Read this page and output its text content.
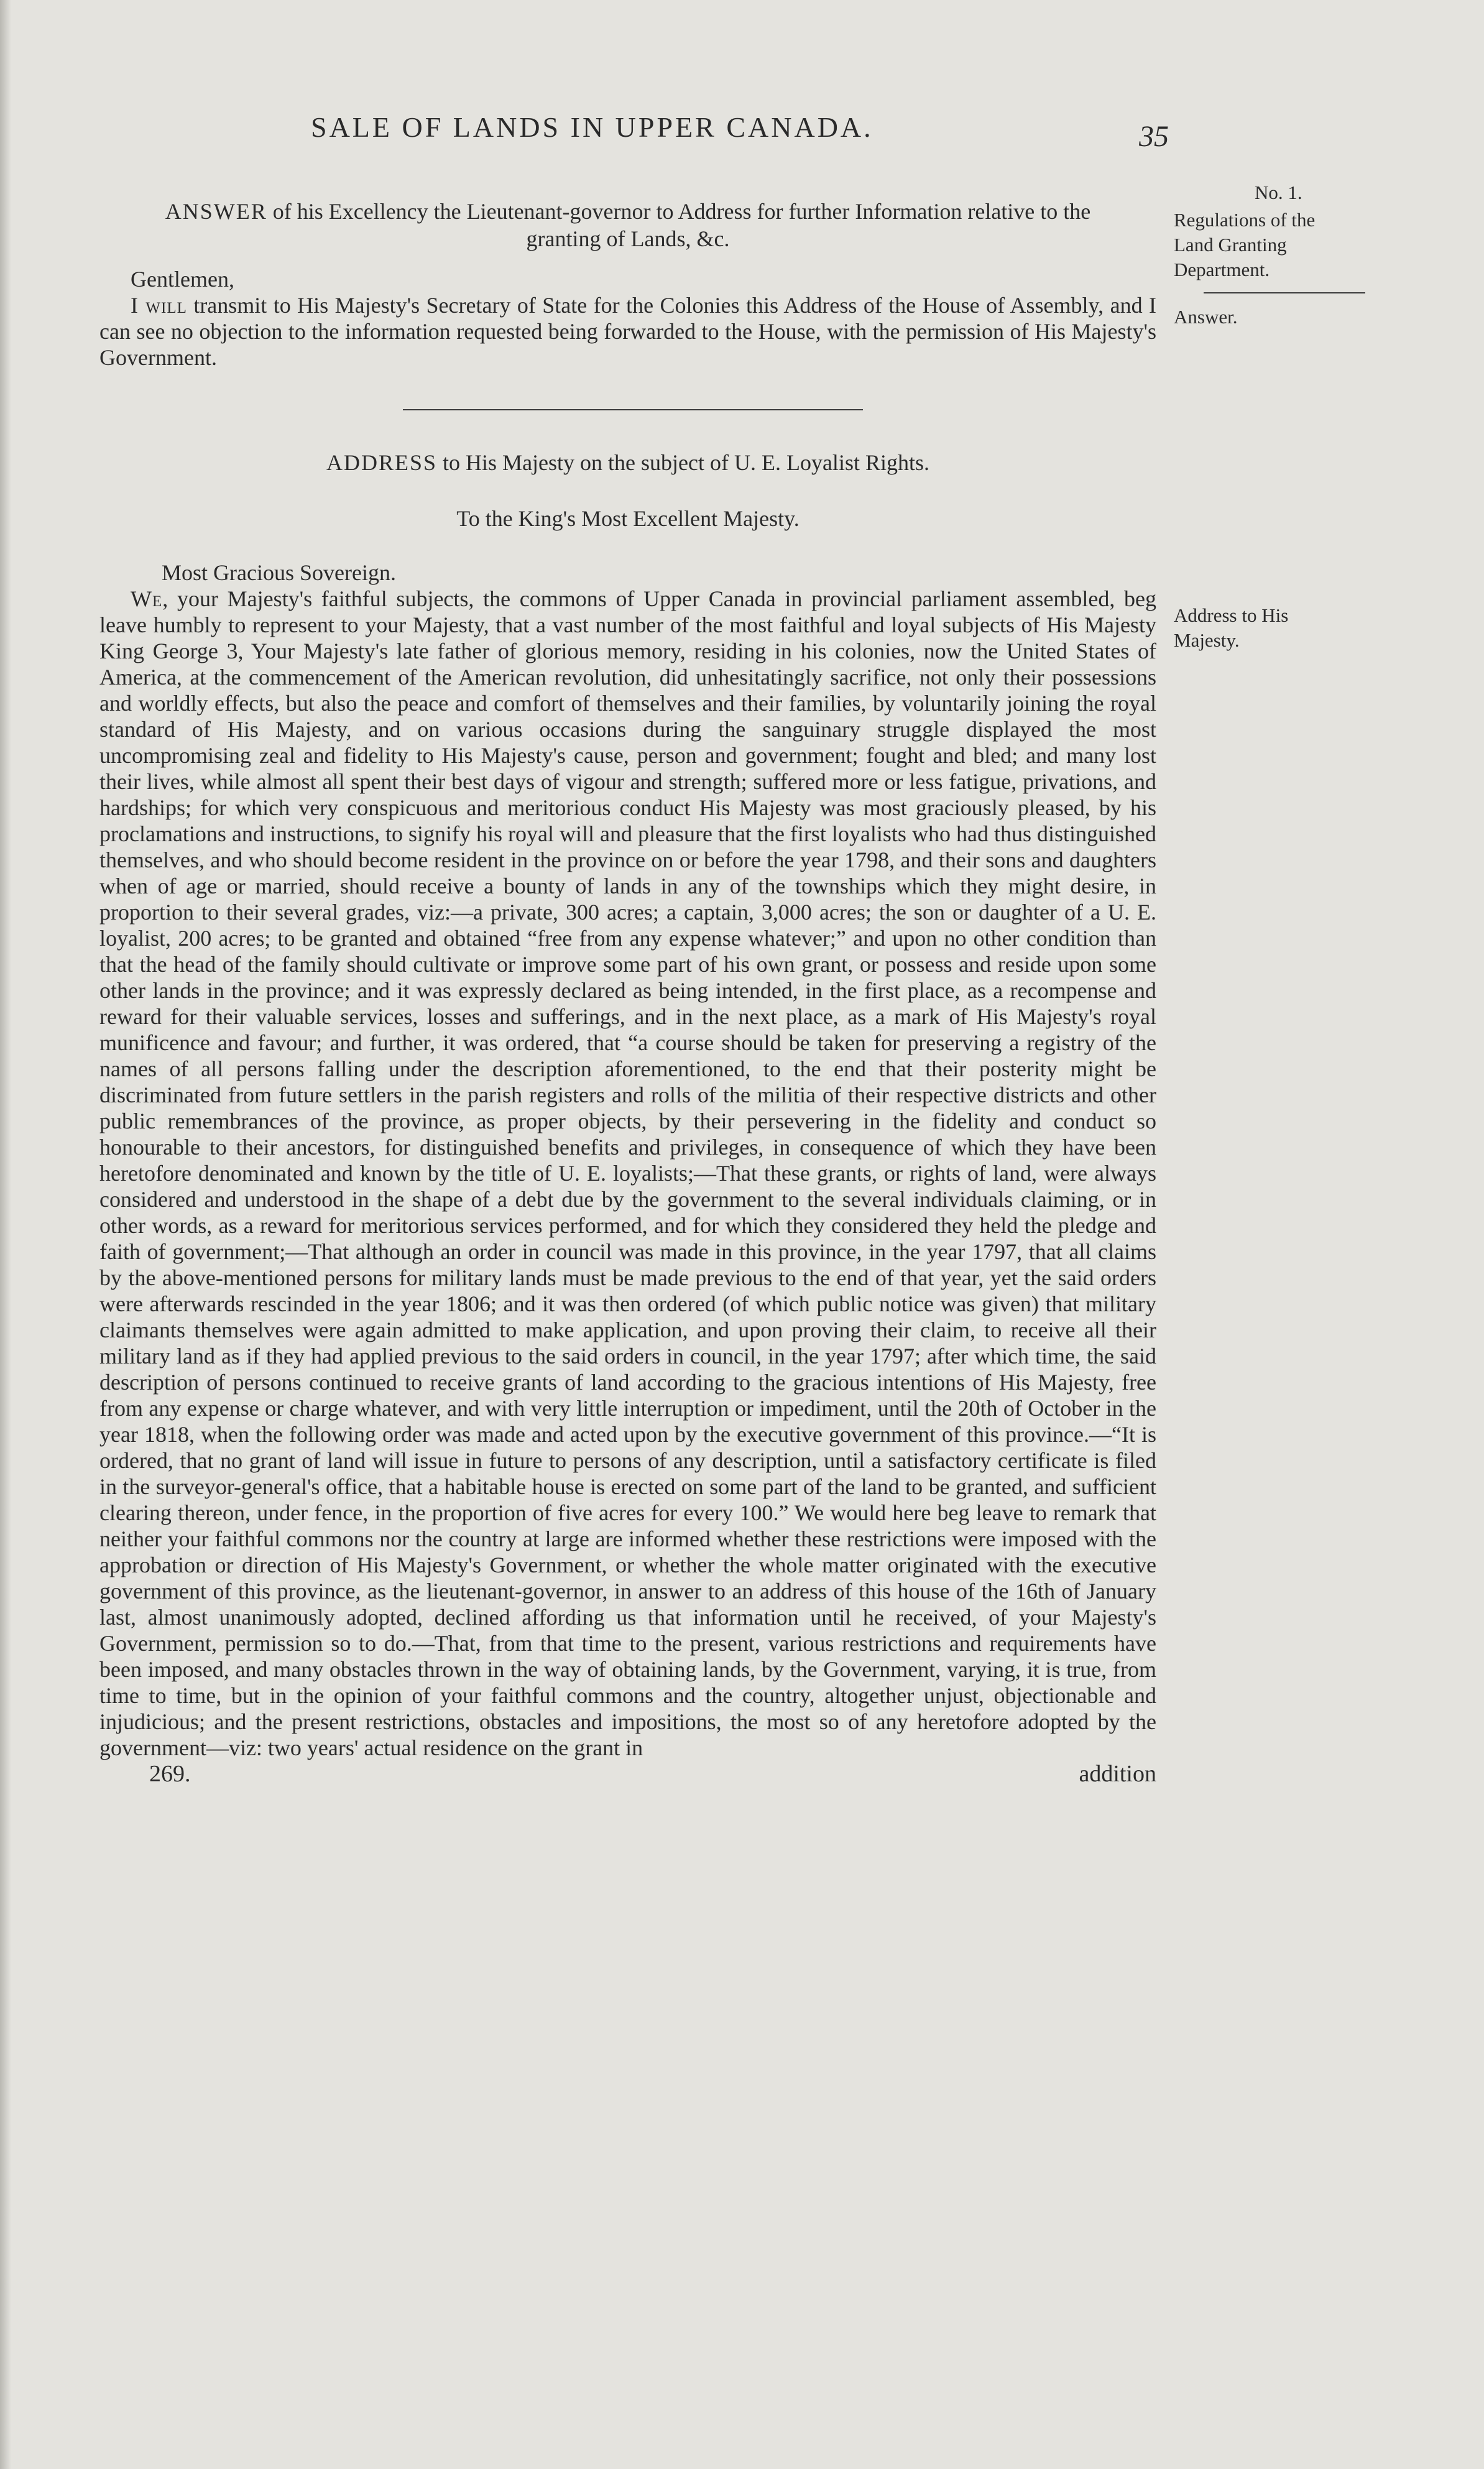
SALE OF LANDS IN UPPER CANADA.	35
No. 1.
Regulations of the
Land Granting
Department.
Answer.
Address to His
Majesty.

ANSWER of his Excellency the Lieutenant-governor to Address for further Information relative to the granting of Lands, &c.

Gentlemen,

I will transmit to His Majesty's Secretary of State for the Colonies this Address of the House of Assembly, and I can see no objection to the information requested being forwarded to the House, with the permission of His Majesty's Government.

ADDRESS to His Majesty on the subject of U. E. Loyalist Rights.

To the King's Most Excellent Majesty.

Most Gracious Sovereign.

We, your Majesty's faithful subjects, the commons of Upper Canada in provincial parliament assembled, beg leave humbly to represent to your Majesty, that a vast number of the most faithful and loyal subjects of His Majesty King George 3, Your Majesty's late father of glorious memory, residing in his colonies, now the United States of America, at the commencement of the American revolution, did unhesitatingly sacrifice, not only their possessions and worldly effects, but also the peace and comfort of themselves and their families, by voluntarily joining the royal standard of His Majesty, and on various occasions during the sanguinary struggle displayed the most uncompromising zeal and fidelity to His Majesty's cause, person and government; fought and bled; and many lost their lives, while almost all spent their best days of vigour and strength; suffered more or less fatigue, privations, and hardships; for which very conspicuous and meritorious conduct His Majesty was most graciously pleased, by his proclamations and instructions, to signify his royal will and pleasure that the first loyalists who had thus distinguished themselves, and who should become resident in the province on or before the year 1798, and their sons and daughters when of age or married, should receive a bounty of lands in any of the townships which they might desire, in proportion to their several grades, viz:—a private, 300 acres; a captain, 3,000 acres; the son or daughter of a U. E. loyalist, 200 acres; to be granted and obtained “free from any expense whatever;” and upon no other condition than that the head of the family should cultivate or improve some part of his own grant, or possess and reside upon some other lands in the province; and it was expressly declared as being intended, in the first place, as a recompense and reward for their valuable services, losses and sufferings, and in the next place, as a mark of His Majesty's royal munificence and favour; and further, it was ordered, that “a course should be taken for preserving a registry of the names of all persons falling under the description aforementioned, to the end that their posterity might be discriminated from future settlers in the parish registers and rolls of the militia of their respective districts and other public remembrances of the province, as proper objects, by their persevering in the fidelity and conduct so honourable to their ancestors, for distinguished benefits and privileges, in consequence of which they have been heretofore denominated and known by the title of U. E. loyalists;—That these grants, or rights of land, were always considered and understood in the shape of a debt due by the government to the several individuals claiming, or in other words, as a reward for meritorious services performed, and for which they considered they held the pledge and faith of government;—That although an order in council was made in this province, in the year 1797, that all claims by the above-mentioned persons for military lands must be made previous to the end of that year, yet the said orders were afterwards rescinded in the year 1806; and it was then ordered (of which public notice was given) that military claimants themselves were again admitted to make application, and upon proving their claim, to receive all their military land as if they had applied previous to the said orders in council, in the year 1797; after which time, the said description of persons continued to receive grants of land according to the gracious intentions of His Majesty, free from any expense or charge whatever, and with very little interruption or impediment, until the 20th of October in the year 1818, when the following order was made and acted upon by the executive government of this province.—“It is ordered, that no grant of land will issue in future to persons of any description, until a satisfactory certificate is filed in the surveyor-general's office, that a habitable house is erected on some part of the land to be granted, and sufficient clearing thereon, under fence, in the proportion of five acres for every 100.” We would here beg leave to remark that neither your faithful commons nor the country at large are informed whether these restrictions were imposed with the approbation or direction of His Majesty's Government, or whether the whole matter originated with the executive government of this province, as the lieutenant-governor, in answer to an address of this house of the 16th of January last, almost unanimously adopted, declined affording us that information until he received, of your Majesty's Government, permission so to do.—That, from that time to the present, various restrictions and requirements have been imposed, and many obstacles thrown in the way of obtaining lands, by the Government, varying, it is true, from time to time, but in the opinion of your faithful commons and the country, altogether unjust, objectionable and injudicious; and the present restrictions, obstacles and impositions, the most so of any heretofore adopted by the government—viz: two years' actual residence on the grant in

269.	addition
